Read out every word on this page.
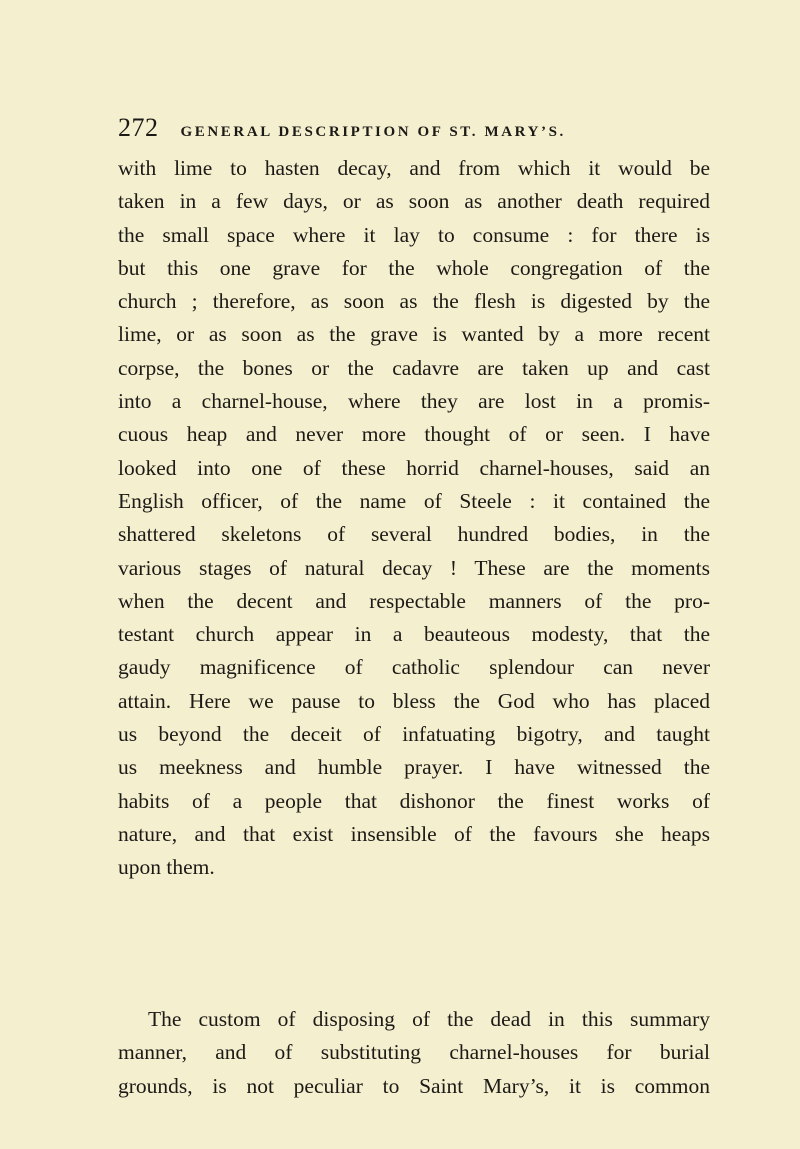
272 GENERAL DESCRIPTION OF ST. MARY’S.
with lime to hasten decay, and from which it would be
taken in a few days, or as soon as another death required
the small space where it lay to consume : for there is
but this one grave for the whole congregation of the
church ; therefore, as soon as the flesh is digested by the
lime, or as soon as the grave is wanted by a more recent
corpse, the bones or the cadavre are taken up and cast
into a charnel-house, where they are lost in a promis-
cuous heap and never more thought of or seen. I have
looked into one of these horrid charnel-houses, said an
English officer, of the name of Steele : it contained the
shattered skeletons of several hundred bodies, in the
various stages of natural decay ! These are the moments
when the decent and respectable manners of the pro-
testant church appear in a beauteous modesty, that the
gaudy magnificence of catholic splendour can never
attain. Here we pause to bless the God who has placed
us beyond the deceit of infatuating bigotry, and taught
us meekness and humble prayer. I have witnessed the
habits of a people that dishonor the finest works of
nature, and that exist insensible of the favours she heaps
upon them.
The custom of disposing of the dead in this summary
manner, and of substituting charnel-houses for burial
grounds, is not peculiar to Saint Mary’s, it is common
